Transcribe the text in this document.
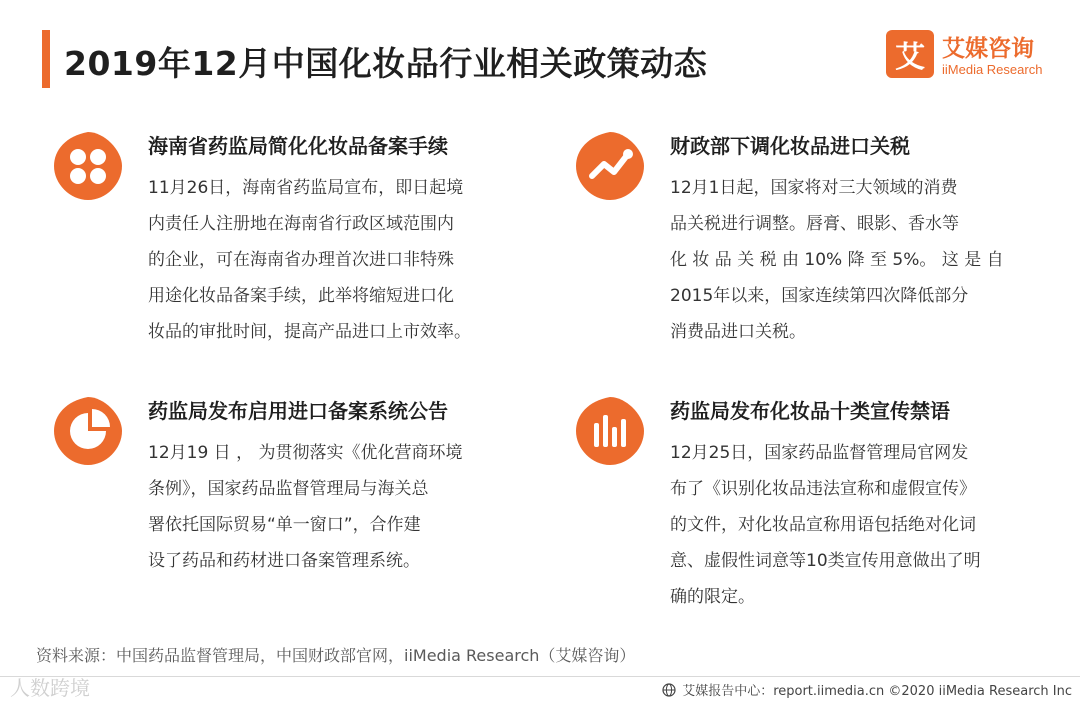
2019年12月中国化妆品行业相关政策动态	艾 艾媒咨询
iiMedia Research
海南省药监局简化化妆品备案手续
11月26日，海南省药监局宣布，即日起境
内责任人注册地在海南省行政区域范围内
的企业，可在海南省办理首次进口非特殊
用途化妆品备案手续，此举将缩短进口化
妆品的审批时间，提高产品进口上市效率。
财政部下调化妆品进口关税
12月1日起，国家将对三大领域的消费
品关税进行调整。唇膏、眼影、香水等
化 妆 品 关 税 由 10% 降 至 5%。 这 是 自
2015年以来，国家连续第四次降低部分
消费品进口关税。
药监局发布启用进口备案系统公告
12月19 日 ， 为贯彻落实《优化营商环境
条例》，国家药品监督管理局与海关总
署依托国际贸易“单一窗口”，合作建
设了药品和药材进口备案管理系统。
药监局发布化妆品十类宣传禁语
12月25日，国家药品监督管理局官网发
布了《识别化妆品违法宣称和虚假宣传》
的文件，对化妆品宣称用语包括绝对化词
意、虚假性词意等10类宣传用意做出了明
确的限定。
资料来源：中国药品监督管理局，中国财政部官网，iiMedia Research（艾媒咨询）
人数跨境	艾媒报告中心：report.iimedia.cn ©2020 iiMedia Research Inc
